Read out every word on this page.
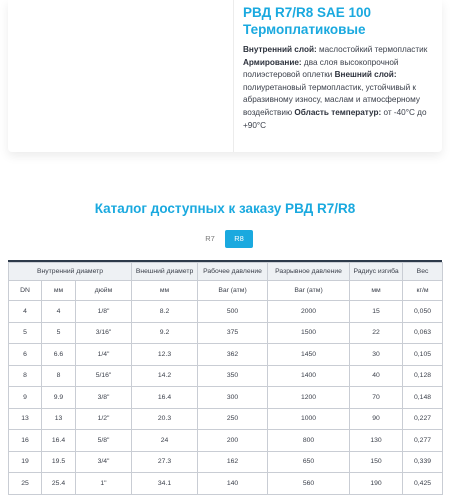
РВД R7/R8 SAE 100
Термоплатиковые
Внутренний слой: маслостойкий термопластик Армирование: два слоя высокопрочной полиэстеровой оплетки Внешний слой: полиуретановый термопластик, устойчивый к абразивному износу, маслам и атмосферному воздействию Область температур: от -40°С до +90°С
Каталог доступных к заказу РВД R7/R8
R7	R8
Внутренний диаметр			Внешний диаметр	Рабочее давление	Разрывное давление	Радиус изгиба	Вес
DN	мм	дюйм	мм	Bar (атм)	Bar (атм)	мм	кг/м
4	4	1/8"	8.2	500	2000	15	0,050
5	5	3/16"	9.2	375	1500	22	0,063
6	6.6	1/4"	12.3	362	1450	30	0,105
8	8	5/16"	14.2	350	1400	40	0,128
9	9.9	3/8"	16.4	300	1200	70	0,148
13	13	1/2"	20.3	250	1000	90	0,227
16	16.4	5/8"	24	200	800	130	0,277
19	19.5	3/4"	27.3	162	650	150	0,339
25	25.4	1"	34.1	140	560	190	0,425
